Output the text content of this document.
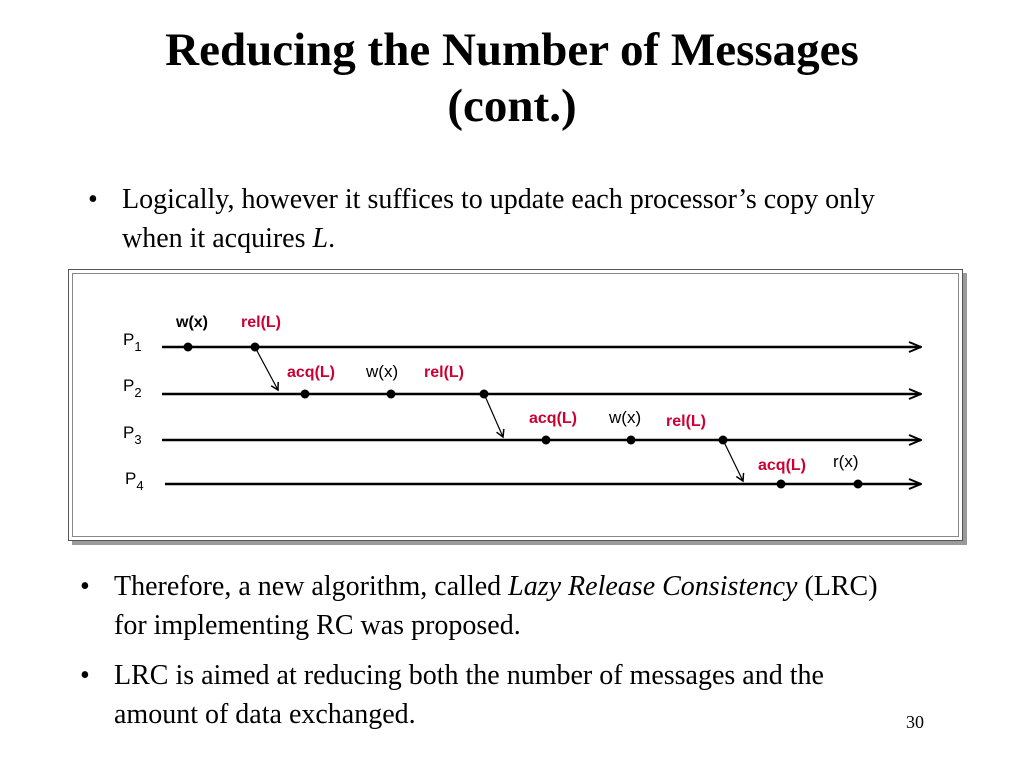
Reducing the Number of Messages
(cont.)
• Logically, however it suffices to update each processor’s copy only when it acquires L.
$P_1$
$P_2$
$P_3$
$P_4$
w(x) rel(L)
acq(L) w(x) rel(L)
acq(L) w(x) rel(L)
acq(L) r(x)
• Therefore, a new algorithm, called Lazy Release Consistency (LRC) for implementing RC was proposed.
• LRC is aimed at reducing both the number of messages and the amount of data exchanged.	30
